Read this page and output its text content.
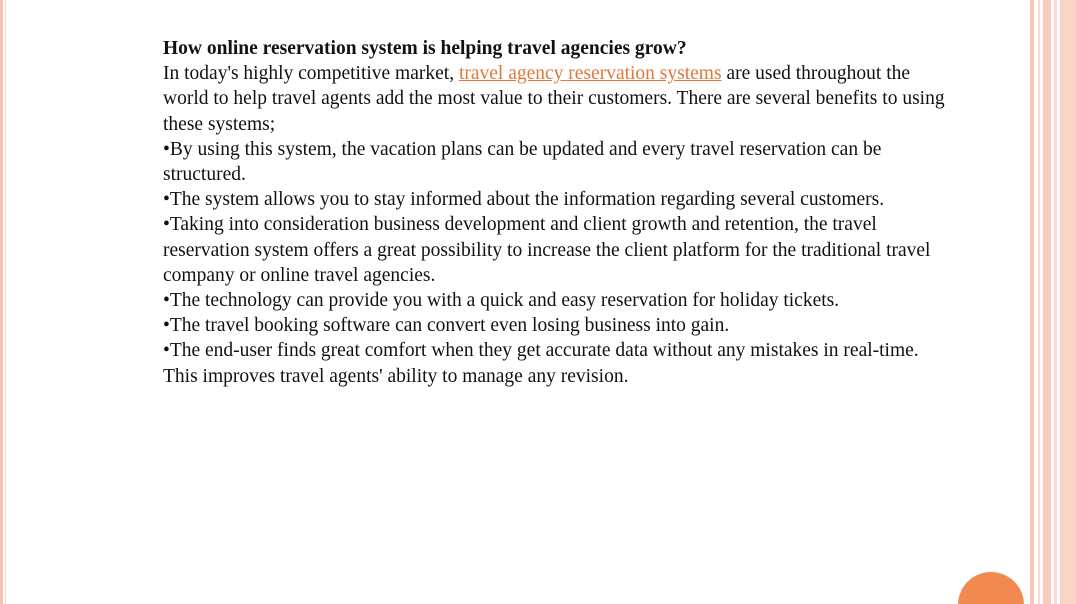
How online reservation system is helping travel agencies grow?

In today's highly competitive market, travel agency reservation systems are used throughout the world to help travel agents add the most value to their customers. There are several benefits to using these systems;

•By using this system, the vacation plans can be updated and every travel reservation can be structured.

•The system allows you to stay informed about the information regarding several customers.

•Taking into consideration business development and client growth and retention, the travel reservation system offers a great possibility to increase the client platform for the traditional travel company or online travel agencies.

•The technology can provide you with a quick and easy reservation for holiday tickets.

•The travel booking software can convert even losing business into gain.

•The end-user finds great comfort when they get accurate data without any mistakes in real-time. This improves travel agents' ability to manage any revision.
